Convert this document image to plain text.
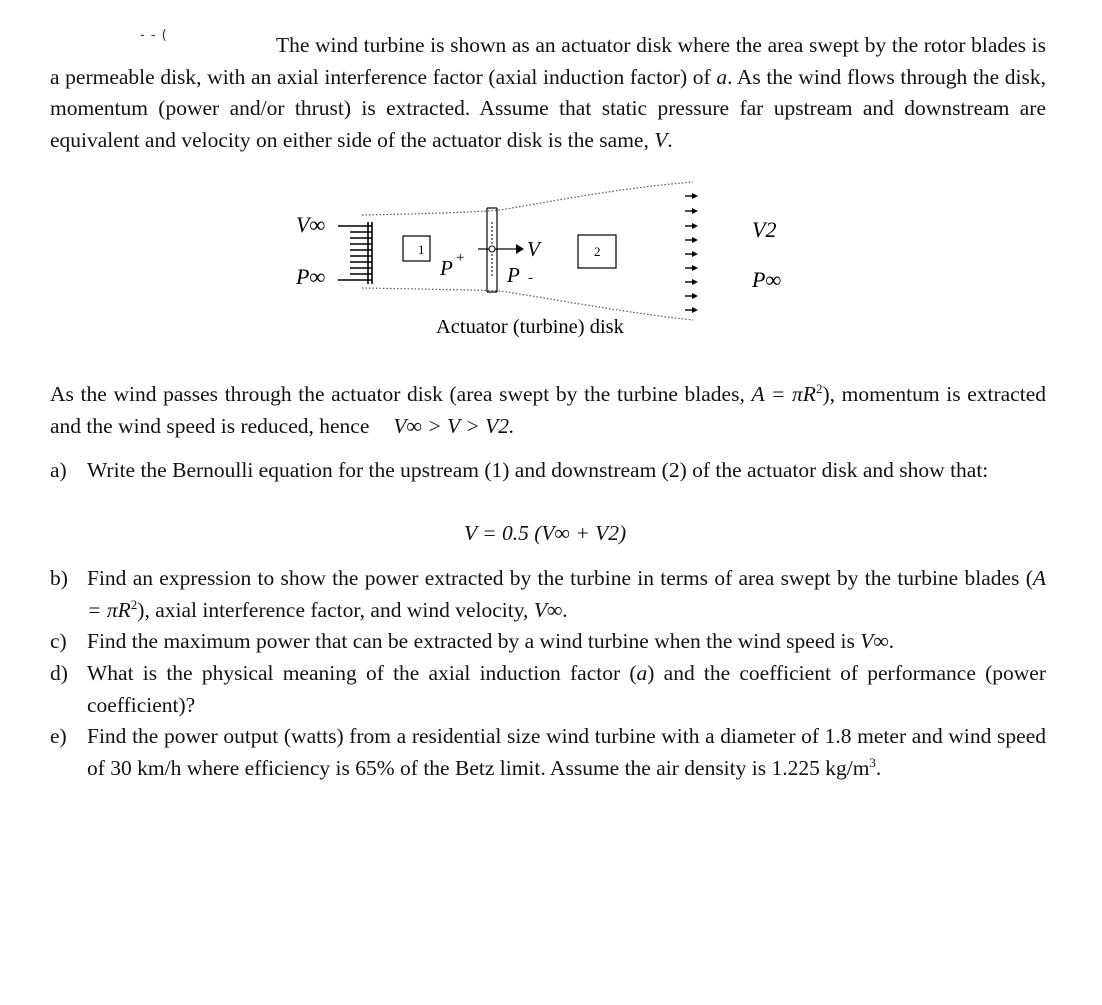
‐ ‐ (	The wind turbine is shown as an actuator disk where the area swept by the rotor blades is a permeable disk, with an axial interference factor (axial induction factor) of a. As the wind flows through the disk, momentum (power and/or thrust) is extracted. Assume that static pressure far upstream and downstream are equivalent and velocity on either side of the actuator disk is the same, V.

1
P +	V
P -
2
V∞
P∞
V2
P∞
Actuator (turbine) disk

As the wind passes through the actuator disk (area swept by the turbine blades, $A = \pi R^2$), momentum is extracted and the wind speed is reduced, hence V∞ > V > V2.

a) Write the Bernoulli equation for the upstream (1) and downstream (2) of the actuator disk and show that:
V = 0.5 (V∞ + V2)
b) Find an expression to show the power extracted by the turbine in terms of area swept by the turbine blades $(A = \pi R^2)$, axial interference factor, and wind velocity, V∞.
c) Find the maximum power that can be extracted by a wind turbine when the wind speed is V∞.
d) What is the physical meaning of the axial induction factor (a) and the coefficient of performance (power coefficient)?
e) Find the power output (watts) from a residential size wind turbine with a diameter of 1.8 meter and wind speed of 30 km/h where efficiency is 65% of the Betz limit. Assume the air density is 1.225 $kg/m^3$.
